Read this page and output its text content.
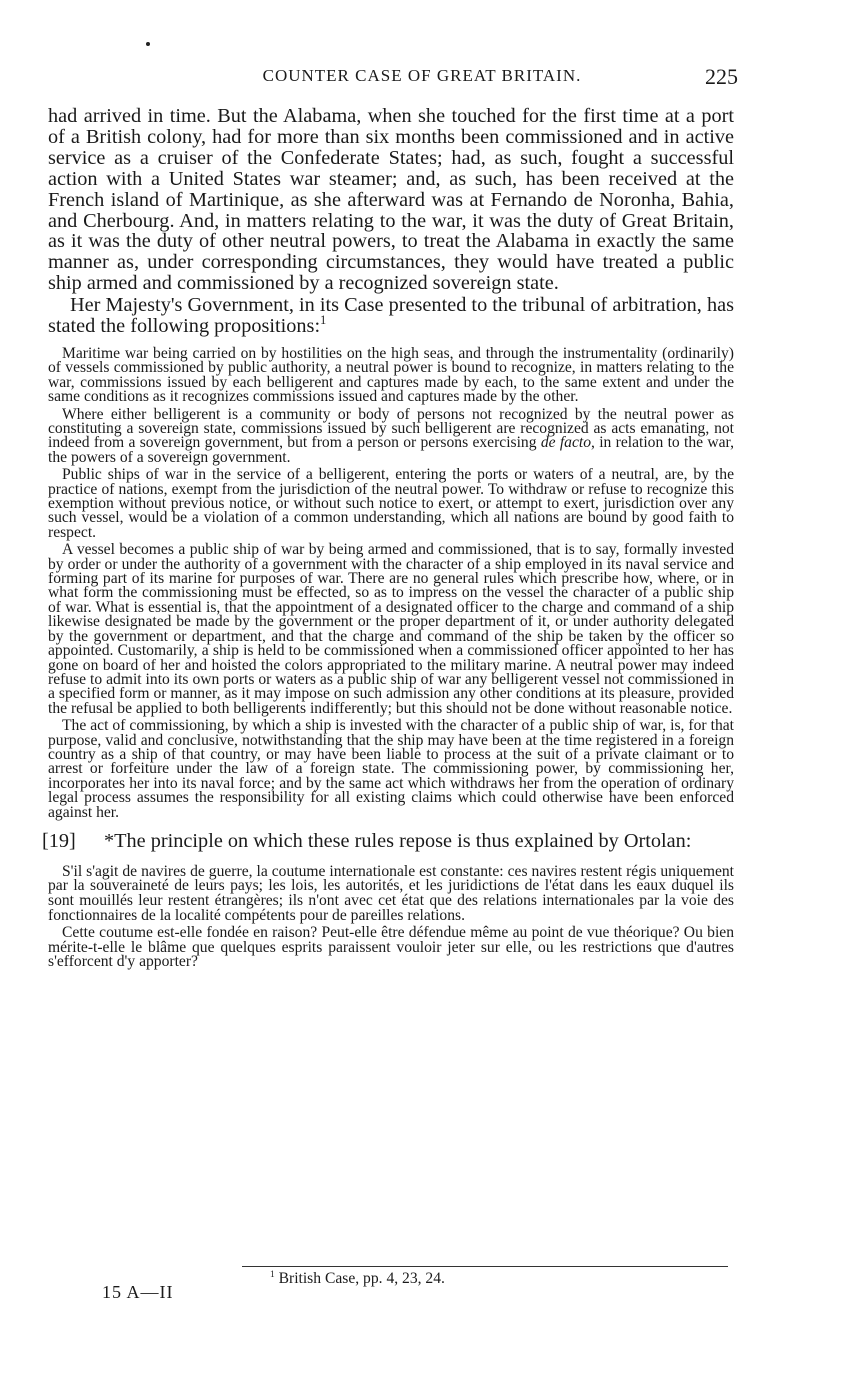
COUNTER CASE OF GREAT BRITAIN.	225

had arrived in time. But the Alabama, when she touched for the first time at a port of a British colony, had for more than six months been commissioned and in active service as a cruiser of the Confederate States; had, as such, fought a successful action with a United States war steamer; and, as such, has been received at the French island of Martinique, as she afterward was at Fernando de Noronha, Bahia, and Cherbourg. And, in matters relating to the war, it was the duty of Great Britain, as it was the duty of other neutral powers, to treat the Alabama in exactly the same manner as, under corresponding circumstances, they would have treated a public ship armed and commissioned by a recognized sovereign state.

Her Majesty's Government, in its Case presented to the tribunal of arbitration, has stated the following propositions:$^1$

Maritime war being carried on by hostilities on the high seas, and through the instrumentality (ordinarily) of vessels commissioned by public authority, a neutral power is bound to recognize, in matters relating to the war, commissions issued by each belligerent and captures made by each, to the same extent and under the same conditions as it recognizes commissions issued and captures made by the other.

Where either belligerent is a community or body of persons not recognized by the neutral power as constituting a sovereign state, commissions issued by such belligerent are recognized as acts emanating, not indeed from a sovereign government, but from a person or persons exercising de facto, in relation to the war, the powers of a sovereign government.

Public ships of war in the service of a belligerent, entering the ports or waters of a neutral, are, by the practice of nations, exempt from the jurisdiction of the neutral power. To withdraw or refuse to recognize this exemption without previous notice, or without such notice to exert, or attempt to exert, jurisdiction over any such vessel, would be a violation of a common understanding, which all nations are bound by good faith to respect.

A vessel becomes a public ship of war by being armed and commissioned, that is to say, formally invested by order or under the authority of a government with the character of a ship employed in its naval service and forming part of its marine for purposes of war. There are no general rules which prescribe how, where, or in what form the commissioning must be effected, so as to impress on the vessel the character of a public ship of war. What is essential is, that the appointment of a designated officer to the charge and command of a ship likewise designated be made by the government or the proper department of it, or under authority delegated by the government or department, and that the charge and command of the ship be taken by the officer so appointed. Customarily, a ship is held to be commissioned when a commissioned officer appointed to her has gone on board of her and hoisted the colors appropriated to the military marine. A neutral power may indeed refuse to admit into its own ports or waters as a public ship of war any belligerent vessel not commissioned in a specified form or manner, as it may impose on such admission any other conditions at its pleasure, provided the refusal be applied to both belligerents indifferently; but this should not be done without reasonable notice.

The act of commissioning, by which a ship is invested with the character of a public ship of war, is, for that purpose, valid and conclusive, notwithstanding that the ship may have been at the time registered in a foreign country as a ship of that country, or may have been liable to process at the suit of a private claimant or to arrest or forfeiture under the law of a foreign state. The commissioning power, by commissioning her, incorporates her into its naval force; and by the same act which withdraws her from the operation of ordinary legal process assumes the responsibility for all existing claims which could otherwise have been enforced against her.

[19] *The principle on which these rules repose is thus explained by Ortolan:

S'il s'agit de navires de guerre, la coutume internationale est constante: ces navires restent régis uniquement par la souveraineté de leurs pays; les lois, les autorités, et les juridictions de l'état dans les eaux duquel ils sont mouillés leur restent étrangères; ils n'ont avec cet état que des relations internationales par la voie des fonctionnaires de la localité compétents pour de pareilles relations.

Cette coutume est-elle fondée en raison? Peut-elle être défendue même au point de vue théorique? Ou bien mérite-t-elle le blâme que quelques esprits paraissent vouloir jeter sur elle, ou les restrictions que d'autres s'efforcent d'y apporter?

$^1$ British Case, pp. 4, 23, 24.
15 A—II
